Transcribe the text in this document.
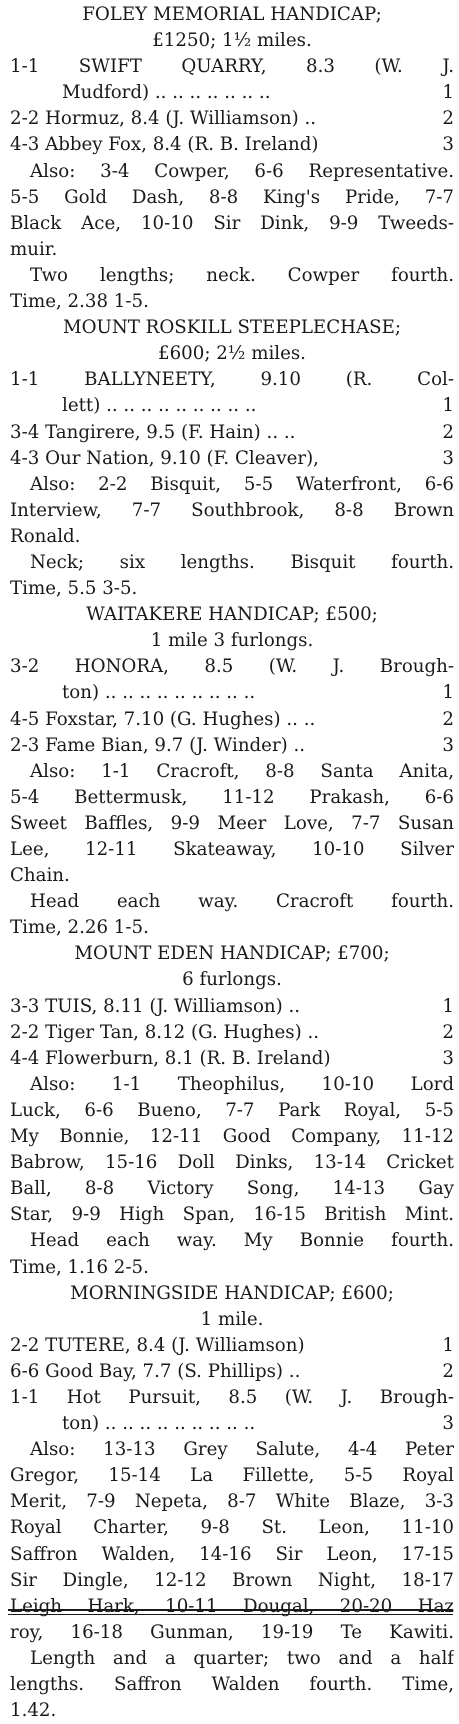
FOLEY MEMORIAL HANDICAP;
£1250; 1½ miles.
1-1 SWIFT QUARRY, 8.3 (W. J.
Mudford) .. .. .. .. .. .. ..	1
2-2 Hormuz, 8.4 (J. Williamson) ..	2
4-3 Abbey Fox, 8.4 (R. B. Ireland)	3
Also: 3-4 Cowper, 6-6 Representative.
5-5 Gold Dash, 8-8 King's Pride, 7-7
Black Ace, 10-10 Sir Dink, 9-9 Tweeds-
muir.
Two lengths; neck. Cowper fourth.
Time, 2.38 1-5.
MOUNT ROSKILL STEEPLECHASE;
£600; 2½ miles.
1-1 BALLYNEETY, 9.10 (R. Col-
lett) .. .. .. .. .. .. .. .. ..	1
3-4 Tangirere, 9.5 (F. Hain) .. ..	2
4-3 Our Nation, 9.10 (F. Cleaver),	3
Also: 2-2 Bisquit, 5-5 Waterfront, 6-6
Interview, 7-7 Southbrook, 8-8 Brown
Ronald.
Neck; six lengths. Bisquit fourth.
Time, 5.5 3-5.
WAITAKERE HANDICAP; £500;
1 mile 3 furlongs.
3-2 HONORA, 8.5 (W. J. Brough-
ton) .. .. .. .. .. .. .. .. ..	1
4-5 Foxstar, 7.10 (G. Hughes) .. ..	2
2-3 Fame Bian, 9.7 (J. Winder) ..	3
Also: 1-1 Cracroft, 8-8 Santa Anita,
5-4 Bettermusk, 11-12 Prakash, 6-6
Sweet Baffles, 9-9 Meer Love, 7-7 Susan
Lee, 12-11 Skateaway, 10-10 Silver
Chain.
Head each way. Cracroft fourth.
Time, 2.26 1-5.
MOUNT EDEN HANDICAP; £700;
6 furlongs.
3-3 TUIS, 8.11 (J. Williamson) ..	1
2-2 Tiger Tan, 8.12 (G. Hughes) ..	2
4-4 Flowerburn, 8.1 (R. B. Ireland)	3
Also: 1-1 Theophilus, 10-10 Lord
Luck, 6-6 Bueno, 7-7 Park Royal, 5-5
My Bonnie, 12-11 Good Company, 11-12
Babrow, 15-16 Doll Dinks, 13-14 Cricket
Ball, 8-8 Victory Song, 14-13 Gay
Star, 9-9 High Span, 16-15 British Mint.
Head each way. My Bonnie fourth.
Time, 1.16 2-5.
MORNINGSIDE HANDICAP; £600;
1 mile.
2-2 TUTERE, 8.4 (J. Williamson)	1
6-6 Good Bay, 7.7 (S. Phillips) ..	2
1-1 Hot Pursuit, 8.5 (W. J. Brough-
ton) .. .. .. .. .. .. .. .. ..	3
Also: 13-13 Grey Salute, 4-4 Peter
Gregor, 15-14 La Fillette, 5-5 Royal
Merit, 7-9 Nepeta, 8-7 White Blaze, 3-3
Royal Charter, 9-8 St. Leon, 11-10
Saffron Walden, 14-16 Sir Leon, 17-15
Sir Dingle, 12-12 Brown Night, 18-17
Leigh Hark, 10-11 Dougal, 20-20 Haz
roy, 16-18 Gunman, 19-19 Te Kawiti.
Length and a quarter; two and a half
lengths. Saffron Walden fourth. Time,
1.42.
